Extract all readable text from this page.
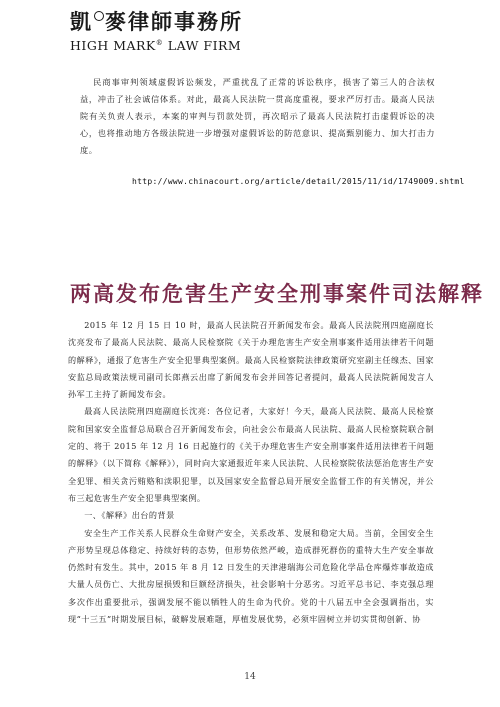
凱 麥律師事務所
HIGH MARK® LAW FIRM
民商事审判领域虚假诉讼频发，严重扰乱了正常的诉讼秩序，损害了第三人的合法权益，冲击了社会诚信体系。对此，最高人民法院一贯高度重视，要求严厉打击。最高人民法院有关负责人表示，本案的审判与罚款处罚，再次昭示了最高人民法院打击虚假诉讼的决心，也将推动地方各级法院进一步增强对虚假诉讼的防范意识、提高甄别能力、加大打击力度。
http://www.chinacourt.org/article/detail/2015/11/id/1749009.shtml
两高发布危害生产安全刑事案件司法解释

2015 年 12 月 15 日 10 时，最高人民法院召开新闻发布会。最高人民法院刑四庭副庭长沈亮发布了最高人民法院、最高人民检察院《关于办理危害生产安全刑事案件适用法律若干问题的解释》，通报了危害生产安全犯罪典型案例。最高人民检察院法律政策研究室副主任缐杰、国家安监总局政策法规司副司长郎燕云出席了新闻发布会并回答记者提问，最高人民法院新闻发言人孙军工主持了新闻发布会。

最高人民法院刑四庭副庭长沈亮：各位记者，大家好！今天，最高人民法院、最高人民检察院和国家安全监督总局联合召开新闻发布会，向社会公布最高人民法院、最高人民检察院联合制定的、将于 2015 年 12 月 16 日起施行的《关于办理危害生产安全刑事案件适用法律若干问题的解释》（以下简称《解释》），同时向大家通报近年来人民法院、人民检察院依法惩治危害生产安全犯罪、相关贪污贿赂和渎职犯罪，以及国家安全监督总局开展安全监督工作的有关情况，并公布三起危害生产安全犯罪典型案例。

一、《解释》出台的背景

安全生产工作关系人民群众生命财产安全，关系改革、发展和稳定大局。当前，全国安全生产形势呈现总体稳定、持续好转的态势，但形势依然严峻，造成群死群伤的重特大生产安全事故仍然时有发生。其中，2015 年 8 月 12 日发生的天津港瑞海公司危险化学品仓库爆炸事故造成大量人员伤亡、大批房屋损毁和巨额经济损失，社会影响十分恶劣。习近平总书记、李克强总理多次作出重要批示，强调发展不能以牺牲人的生命为代价。党的十八届五中全会强调指出，实现“十三五”时期发展目标，破解发展难题，厚植发展优势，必须牢固树立并切实贯彻创新、协

14
